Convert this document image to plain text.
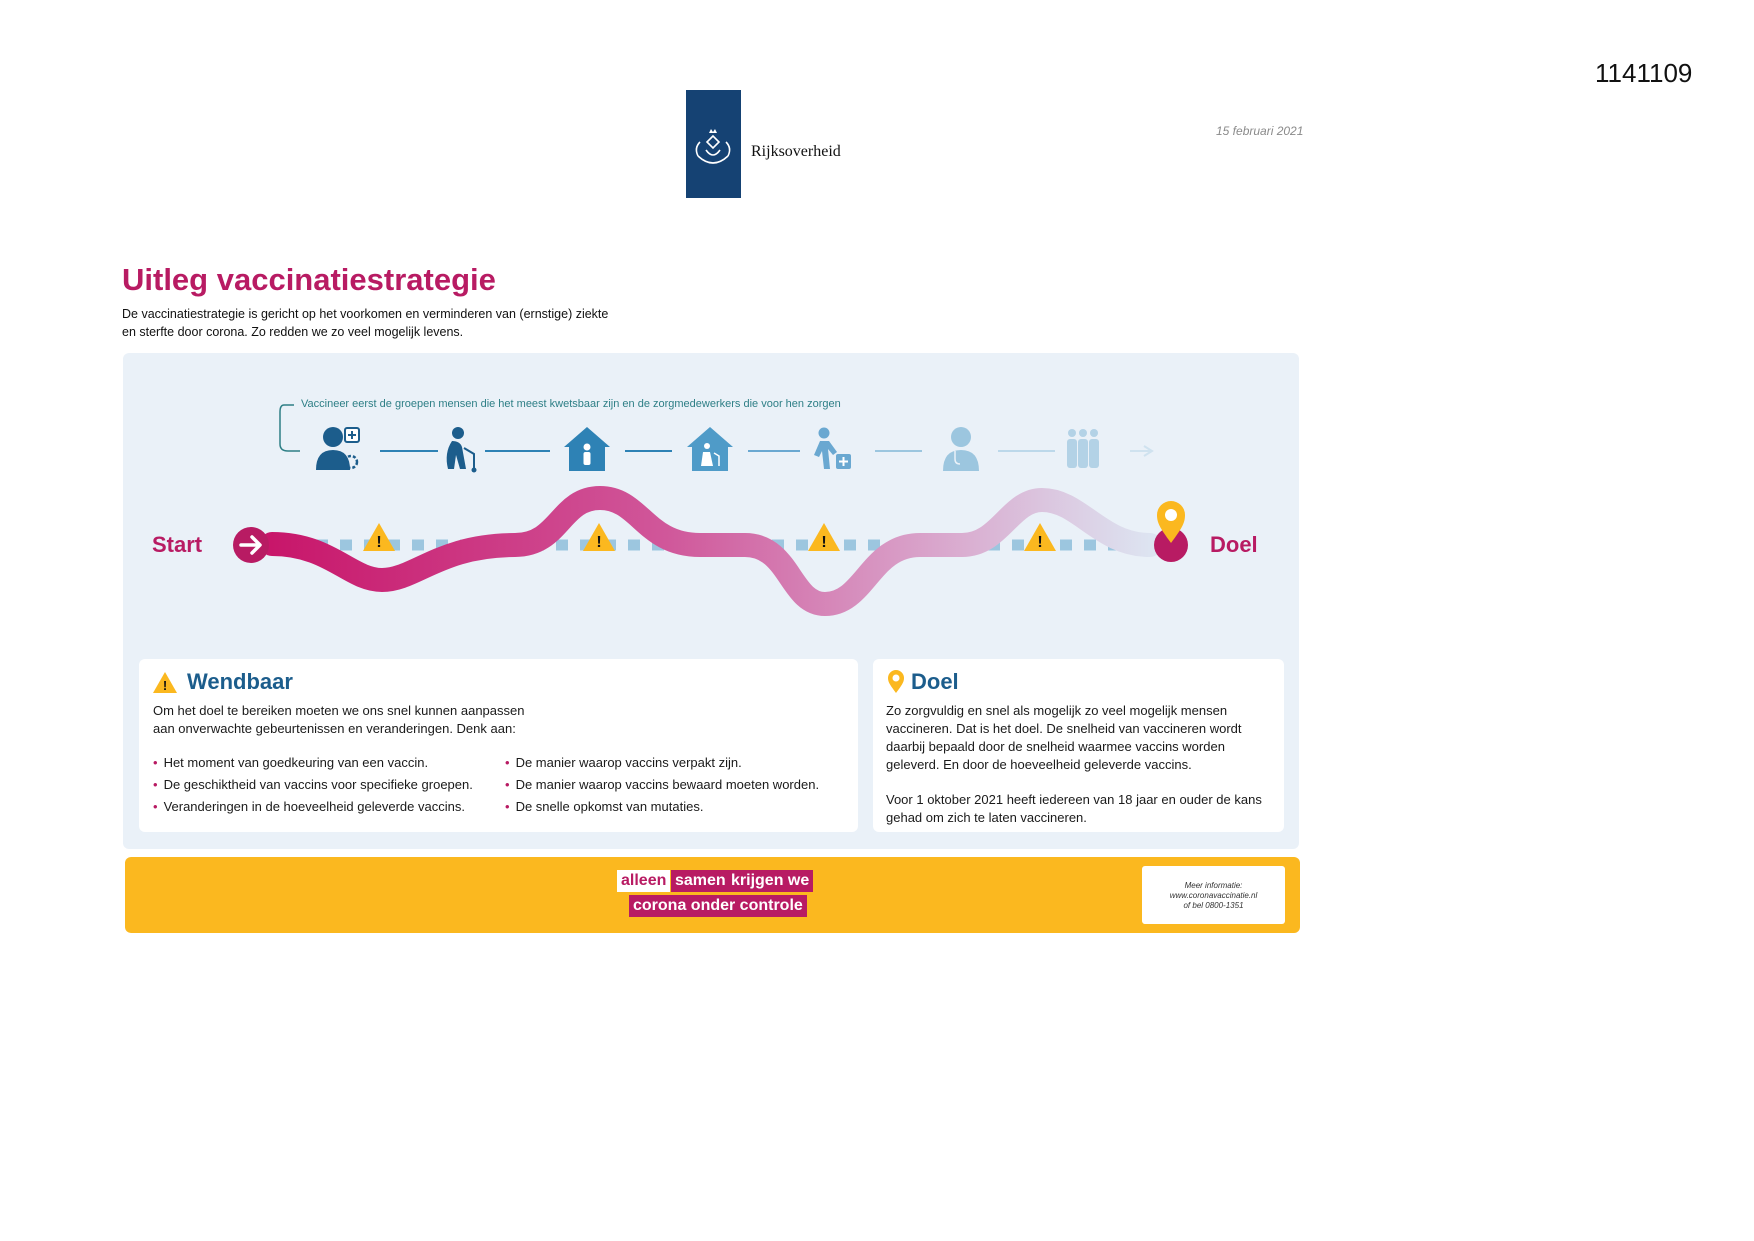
1141109
Rijksoverheid
15 februari 2021
Uitleg vaccinatiestrategie

De vaccinatiestrategie is gericht op het voorkomen en verminderen van (ernstige) ziekte
en sterfte door corona. Zo redden we zo veel mogelijk levens.

!	!	!	!
Vaccineer eerst de groepen mensen die het meest kwetsbaar zijn en de zorgmedewerkers die voor hen zorgen
Start	Doel
! Wendbaar

Om het doel te bereiken moeten we ons snel kunnen aanpassen
aan onverwachte gebeurtenissen en veranderingen. Denk aan:

• Het moment van goedkeuring van een vaccin.
• De geschiktheid van vaccins voor specifieke groepen.
• Veranderingen in de hoeveelheid geleverde vaccins.
• De manier waarop vaccins verpakt zijn.
• De manier waarop vaccins bewaard moeten worden.
• De snelle opkomst van mutaties.
Doel

Zo zorgvuldig en snel als mogelijk zo veel mogelijk mensen
vaccineren. Dat is het doel. De snelheid van vaccineren wordt
daarbij bepaald door de snelheid waarmee vaccins worden
geleverd. En door de hoeveelheid geleverde vaccins.

Voor 1 oktober 2021 heeft iedereen van 18 jaar en ouder de kans
gehad om zich te laten vaccineren.

alleen samen krijgen we
corona onder controle
Meer informatie:
www.coronavaccinatie.nl
of bel 0800-1351
